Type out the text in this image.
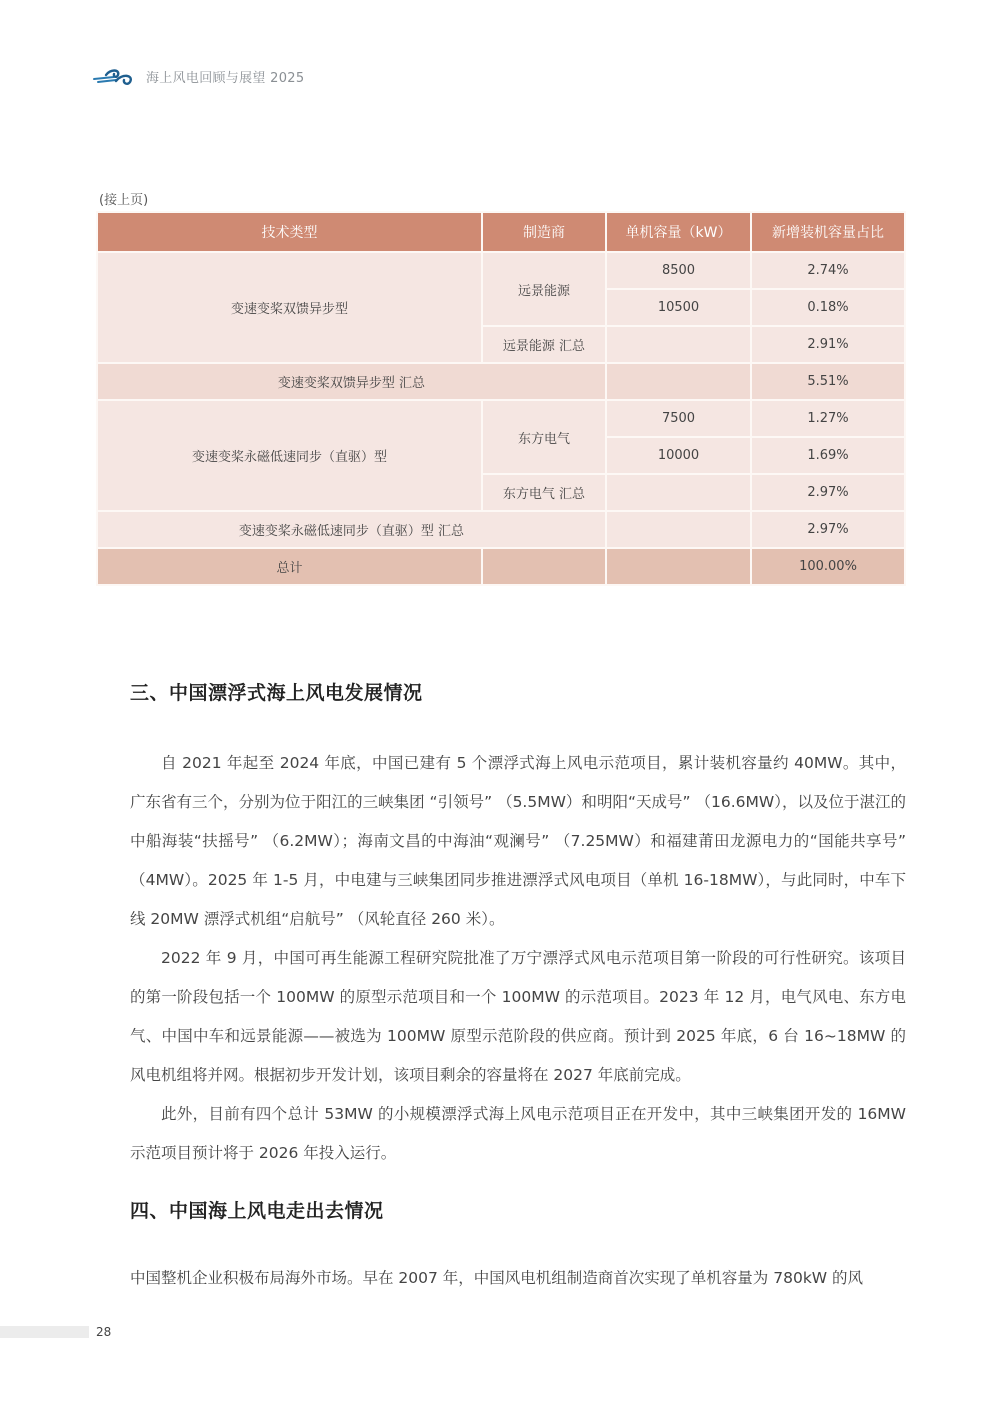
海上风电回顾与展望 2025
(接上页)
技术类型	制造商	单机容量（kW）	新增装机容量占比
变速变桨双馈异步型	远景能源	8500	2.74%
		10500	0.18%
	远景能源 汇总		2.91%
变速变桨双馈异步型 汇总			5.51%
变速变桨永磁低速同步（直驱）型	东方电气	7500	1.27%
		10000	1.69%
	东方电气 汇总		2.97%
变速变桨永磁低速同步（直驱）型 汇总			2.97%
总计			100.00%
三、中国漂浮式海上风电发展情况

自 2021 年起至 2024 年底，中国已建有 5 个漂浮式海上风电示范项目，累计装机容量约 40MW。其中，广东省有三个，分别为位于阳江的三峡集团 “引领号” （5.5MW）和明阳“天成号” （16.6MW），以及位于湛江的中船海装“扶摇号” （6.2MW）；海南文昌的中海油“观澜号” （7.25MW）和福建莆田龙源电力的“国能共享号” （4MW）。2025 年 1-5 月，中电建与三峡集团同步推进漂浮式风电项目（单机 16-18MW），与此同时，中车下线 20MW 漂浮式机组“启航号” （风轮直径 260 米）。

2022 年 9 月，中国可再生能源工程研究院批准了万宁漂浮式风电示范项目第一阶段的可行性研究。该项目的第一阶段包括一个 100MW 的原型示范项目和一个 100MW 的示范项目。2023 年 12 月，电气风电、东方电气、中国中车和远景能源——被选为 100MW 原型示范阶段的供应商。预计到 2025 年底，6 台 16~18MW 的风电机组将并网。根据初步开发计划，该项目剩余的容量将在 2027 年底前完成。

此外，目前有四个总计 53MW 的小规模漂浮式海上风电示范项目正在开发中，其中三峡集团开发的 16MW 示范项目预计将于 2026 年投入运行。

四、中国海上风电走出去情况

中国整机企业积极布局海外市场。早在 2007 年，中国风电机组制造商首次实现了单机容量为 780kW 的风

28
